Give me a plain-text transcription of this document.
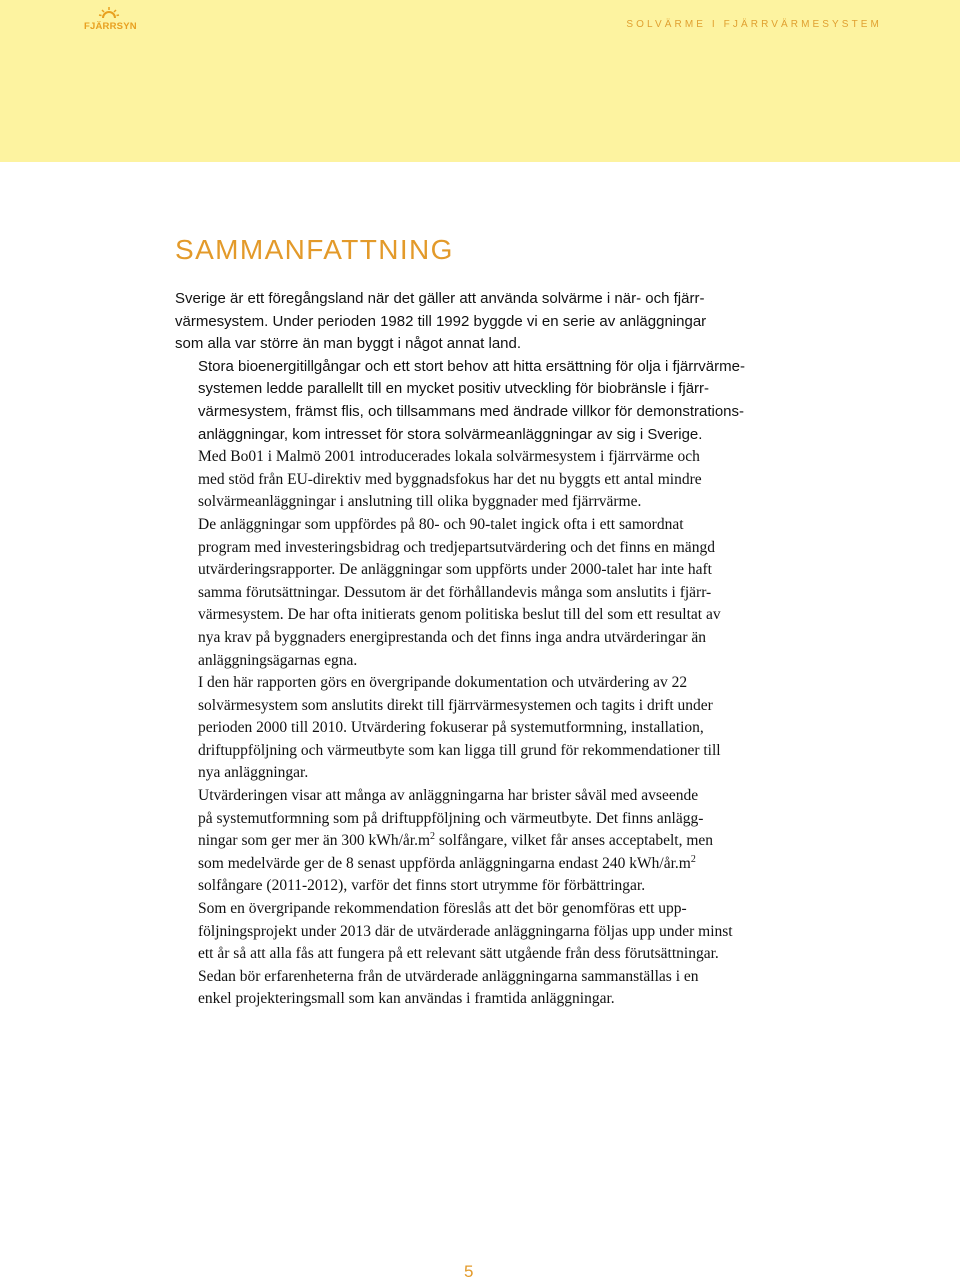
FJÄRRSYN	SOLVÄRME I FJÄRRVÄRMESYSTEM
SAMMANFATTNING

Sverige är ett föregångsland när det gäller att använda solvärme i när- och fjärr-
värmesystem. Under perioden 1982 till 1992 byggde vi en serie av anläggningar
som alla var större än man byggt i något annat land.

Stora bioenergitillgångar och ett stort behov att hitta ersättning för olja i fjärrvärme-
systemen ledde parallellt till en mycket positiv utveckling för biobränsle i fjärr-
värmesystem, främst flis, och tillsammans med ändrade villkor för demonstrations-
anläggningar, kom intresset för stora solvärmeanläggningar av sig i Sverige.

Med Bo01 i Malmö 2001 introducerades lokala solvärmesystem i fjärrvärme och
med stöd från EU-direktiv med byggnadsfokus har det nu byggts ett antal mindre
solvärmeanläggningar i anslutning till olika byggnader med fjärrvärme.

De anläggningar som uppfördes på 80- och 90-talet ingick ofta i ett samordnat
program med investeringsbidrag och tredjepartsutvärdering och det finns en mängd
utvärderingsrapporter. De anläggningar som uppförts under 2000-talet har inte haft
samma förutsättningar. Dessutom är det förhållandevis många som anslutits i fjärr-
värmesystem. De har ofta initierats genom politiska beslut till del som ett resultat av
nya krav på byggnaders energiprestanda och det finns inga andra utvärderingar än
anläggningsägarnas egna.

I den här rapporten görs en övergripande dokumentation och utvärdering av 22
solvärmesystem som anslutits direkt till fjärrvärmesystemen och tagits i drift under
perioden 2000 till 2010. Utvärdering fokuserar på systemutformning, installation,
driftuppföljning och värmeutbyte som kan ligga till grund för rekommendationer till
nya anläggningar.

Utvärderingen visar att många av anläggningarna har brister såväl med avseende
på systemutformning som på driftuppföljning och värmeutbyte. Det finns anlägg-
ningar som ger mer än 300 kWh/$år.m^2$ solfångare, vilket får anses acceptabelt, men
som medelvärde ger de 8 senast uppförda anläggningarna endast 240 kWh/$år.m^2$
solfångare (2011-2012), varför det finns stort utrymme för förbättringar.

Som en övergripande rekommendation föreslås att det bör genomföras ett upp-
följningsprojekt under 2013 där de utvärderade anläggningarna följas upp under minst
ett år så att alla fås att fungera på ett relevant sätt utgående från dess förutsättningar.
Sedan bör erfarenheterna från de utvärderade anläggningarna sammanställas i en
enkel projekteringsmall som kan användas i framtida anläggningar.

5
